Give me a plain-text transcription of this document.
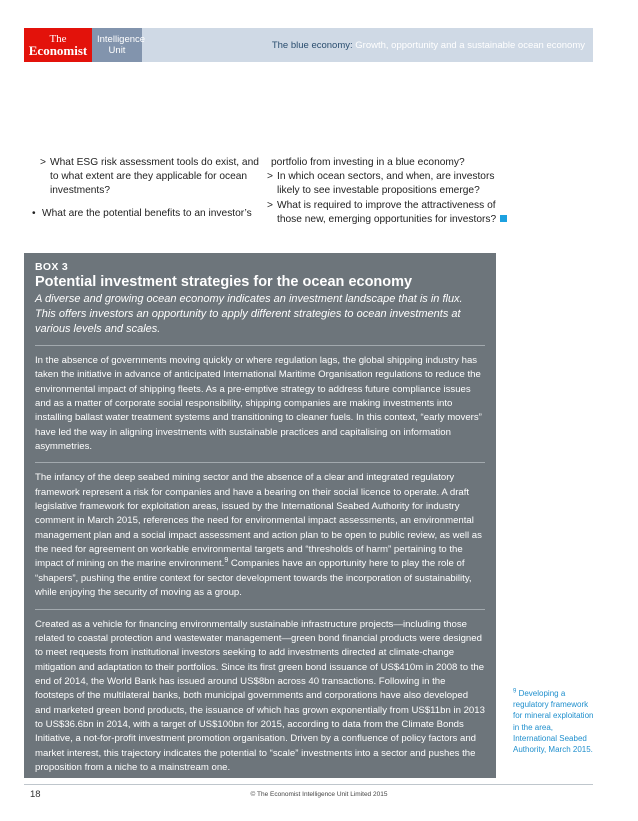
The
Economist
Intelligence Unit	The blue economy: Growth, opportunity and a sustainable ocean economy
> What ESG risk assessment tools do exist, and to what extent are they applicable for ocean investments?
• What are the potential benefits to an investor’s
portfolio from investing in a blue economy?
> In which ocean sectors, and when, are investors likely to see investable propositions emerge?
> What is required to improve the attractiveness of those new, emerging opportunities for investors?
BOX 3
Potential investment strategies for the ocean economy
A diverse and growing ocean economy indicates an investment landscape that is in flux. This offers investors an opportunity to apply different strategies to ocean investments at various levels and scales.

In the absence of governments moving quickly or where regulation lags, the global shipping industry has taken the initiative in advance of anticipated International Maritime Organisation regulations to reduce the environmental impact of shipping fleets. As a pre-emptive strategy to address future compliance issues and as a matter of corporate social responsibility, shipping companies are making investments into installing ballast water treatment systems and transitioning to cleaner fuels. In this context, “early movers” have led the way in aligning investments with sustainable practices and capitalising on information asymmetries.

The infancy of the deep seabed mining sector and the absence of a clear and integrated regulatory framework represent a risk for companies and have a bearing on their social licence to operate. A draft legislative framework for exploitation areas, issued by the International Seabed Authority for industry comment in March 2015, references the need for environmental impact assessments, an environmental management plan and a social impact assessment and action plan to be open to public review, as well as the need for agreement on workable environmental targets and “thresholds of harm” pertaining to the impact of mining on the marine environment.$^9$ Companies have an opportunity here to play the role of “shapers”, pushing the entire context for sector development towards the incorporation of sustainability, while enjoying the security of moving as a group.

Created as a vehicle for financing environmentally sustainable infrastructure projects—including those related to coastal protection and wastewater management—green bond financial products were designed to meet requests from institutional investors seeking to add investments directed at climate-change mitigation and adaptation to their portfolios. Since its first green bond issuance of US$410m in 2008 to the end of 2014, the World Bank has issued around US$8bn across 40 transactions. Following in the footsteps of the multilateral banks, both municipal governments and corporations have also developed and marketed green bond products, the issuance of which has grown exponentially from US$11bn in 2013 to US$36.6bn in 2014, with a target of US$100bn for 2015, according to data from the Climate Bonds Initiative, a not-for-profit investment promotion organisation. Driven by a confluence of policy factors and market interest, this trajectory indicates the potential to “scale” investments into a sector and pushes the proposition from a niche to a mainstream one.

$^9$ Developing a regulatory framework for mineral exploitation in the area, International Seabed Authority, March 2015.
18	© The Economist Intelligence Unit Limited 2015
